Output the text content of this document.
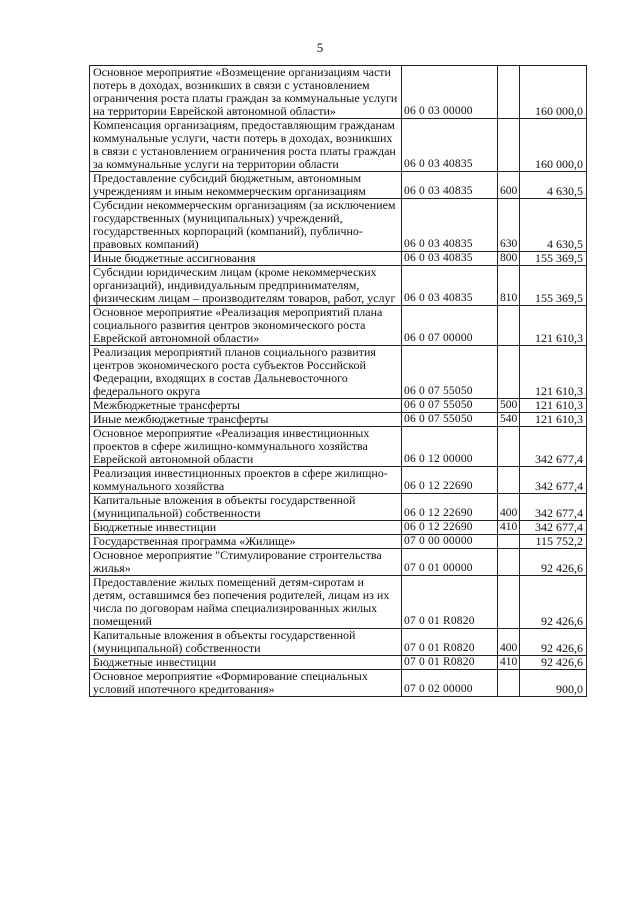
5
Основное мероприятие «Возмещение организациям части потерь в доходах, возникших в связи с установлением ограничения роста платы граждан за коммунальные услуги на территории Еврейской автономной области»	06 0 03 00000		160 000,0
Компенсация организациям, предоставляющим гражданам коммунальные услуги, части потерь в доходах, возникших в связи с установлением ограничения роста платы граждан за коммунальные услуги на территории области	06 0 03 40835		160 000,0
Предоставление субсидий бюджетным, автономным учреждениям и иным некоммерческим организациям	06 0 03 40835	600	4 630,5
Субсидии некоммерческим организациям (за исключением государственных (муниципальных) учреждений, государственных корпораций (компаний), публично-правовых компаний)	06 0 03 40835	630	4 630,5
Иные бюджетные ассигнования	06 0 03 40835	800	155 369,5
Субсидии юридическим лицам (кроме некоммерческих организаций), индивидуальным предпринимателям, физическим лицам – производителям товаров, работ, услуг	06 0 03 40835	810	155 369,5
Основное мероприятие «Реализация мероприятий плана социального развития центров экономического роста Еврейской автономной области»	06 0 07 00000		121 610,3
Реализация мероприятий планов социального развития центров экономического роста субъектов Российской Федерации, входящих в состав Дальневосточного федерального округа	06 0 07 55050		121 610,3
Межбюджетные трансферты	06 0 07 55050	500	121 610,3
Иные межбюджетные трансферты	06 0 07 55050	540	121 610,3
Основное мероприятие «Реализация инвестиционных проектов в сфере жилищно-коммунального хозяйства Еврейской автономной области	06 0 12 00000		342 677,4
Реализация инвестиционных проектов в сфере жилищно-коммунального хозяйства	06 0 12 22690		342 677,4
Капитальные вложения в объекты государственной (муниципальной) собственности	06 0 12 22690	400	342 677,4
Бюджетные инвестиции	06 0 12 22690	410	342 677,4
Государственная программа «Жилище»	07 0 00 00000		115 752,2
Основное мероприятие "Стимулирование строительства жилья»	07 0 01 00000		92 426,6
Предоставление жилых помещений детям-сиротам и детям, оставшимся без попечения родителей, лицам из их числа по договорам найма специализированных жилых помещений	07 0 01 R0820		92 426,6
Капитальные вложения в объекты государственной (муниципальной) собственности	07 0 01 R0820	400	92 426,6
Бюджетные инвестиции	07 0 01 R0820	410	92 426,6
Основное мероприятие «Формирование специальных условий ипотечного кредитования»	07 0 02 00000		900,0
